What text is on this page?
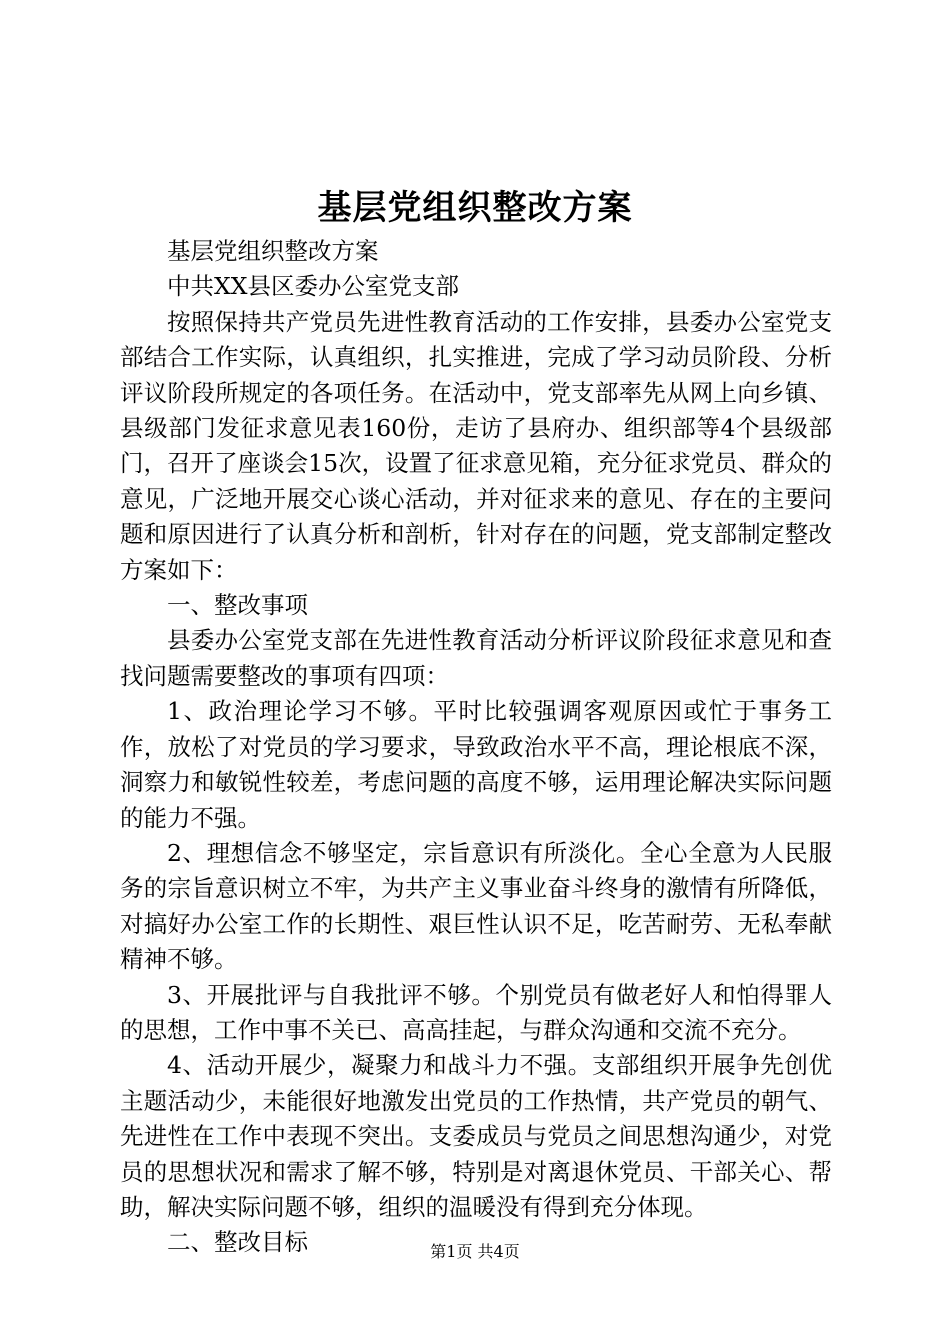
基层党组织整改方案

基层党组织整改方案

中共XX县区委办公室党支部

按照保持共产党员先进性教育活动的工作安排，县委办公室党支部结合工作实际，认真组织，扎实推进，完成了学习动员阶段、分析评议阶段所规定的各项任务。在活动中，党支部率先从网上向乡镇、县级部门发征求意见表160份，走访了县府办、组织部等4个县级部门，召开了座谈会15次，设置了征求意见箱，充分征求党员、群众的意见，广泛地开展交心谈心活动，并对征求来的意见、存在的主要问题和原因进行了认真分析和剖析，针对存在的问题，党支部制定整改方案如下：

一、整改事项

县委办公室党支部在先进性教育活动分析评议阶段征求意见和查找问题需要整改的事项有四项：

1、政治理论学习不够。平时比较强调客观原因或忙于事务工作，放松了对党员的学习要求，导致政治水平不高，理论根底不深，洞察力和敏锐性较差，考虑问题的高度不够，运用理论解决实际问题的能力不强。

2、理想信念不够坚定，宗旨意识有所淡化。全心全意为人民服务的宗旨意识树立不牢，为共产主义事业奋斗终身的激情有所降低，对搞好办公室工作的长期性、艰巨性认识不足，吃苦耐劳、无私奉献精神不够。

3、开展批评与自我批评不够。个别党员有做老好人和怕得罪人的思想，工作中事不关已、高高挂起，与群众沟通和交流不充分。

4、活动开展少，凝聚力和战斗力不强。支部组织开展争先创优主题活动少，未能很好地激发出党员的工作热情，共产党员的朝气、先进性在工作中表现不突出。支委成员与党员之间思想沟通少，对党员的思想状况和需求了解不够，特别是对离退休党员、干部关心、帮助，解决实际问题不够，组织的温暖没有得到充分体现。

二、整改目标	第1页 共4页
